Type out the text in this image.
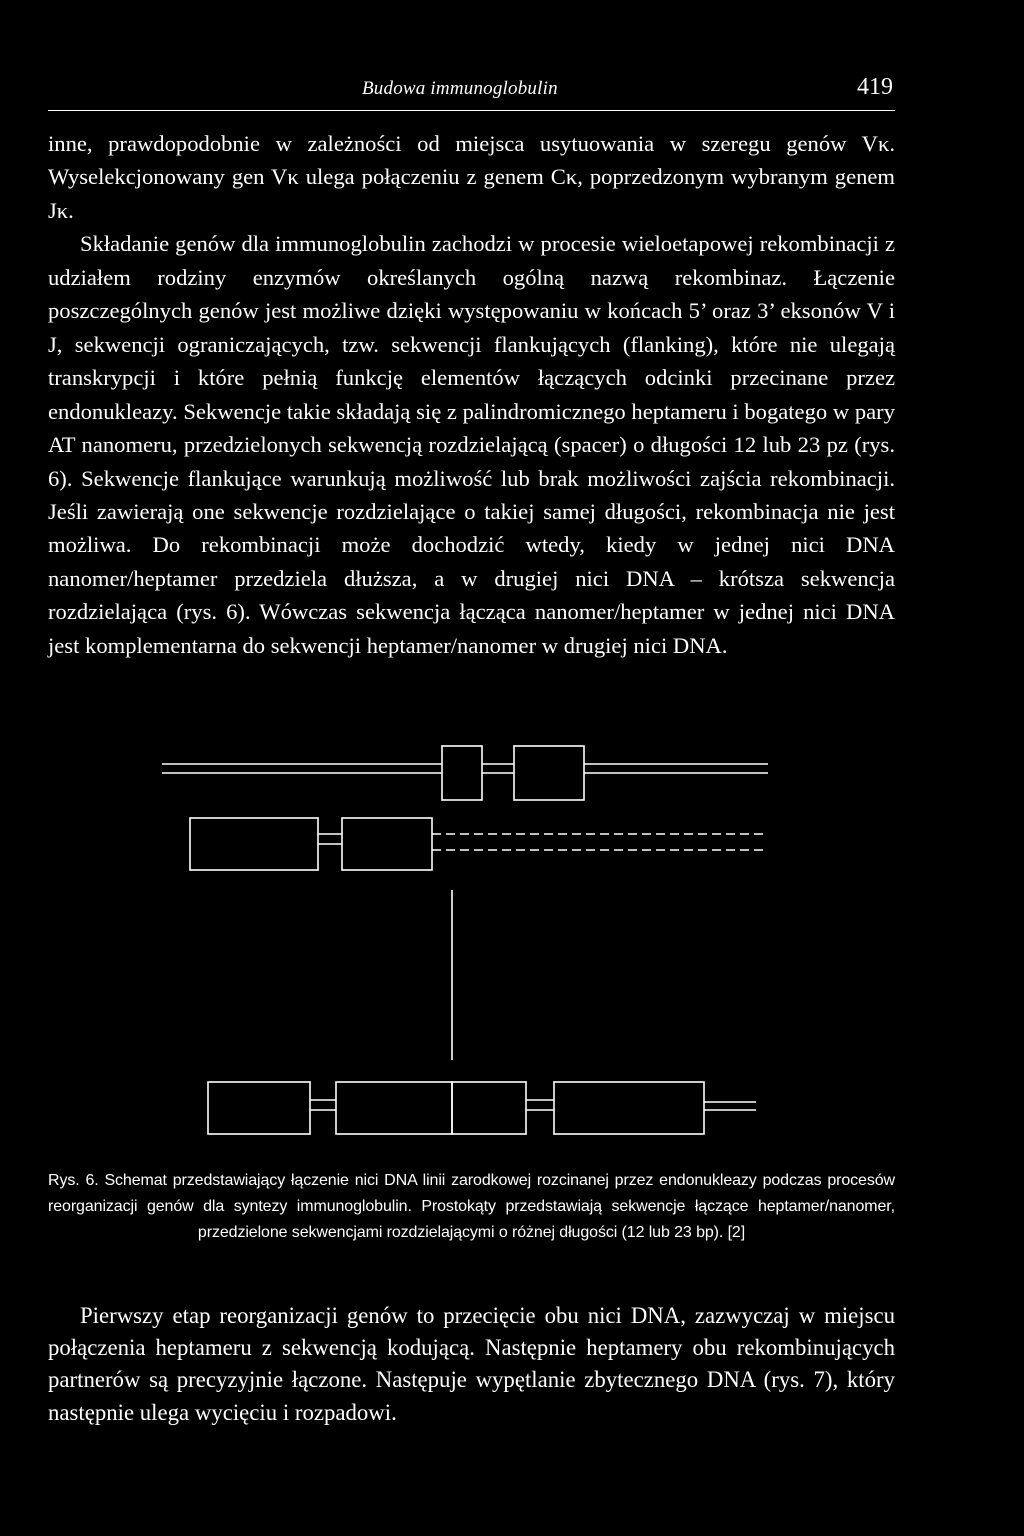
Budowa immunoglobulin	419
inne, prawdopodobnie w zależności od miejsca usytuowania w szeregu genów Vκ. Wyselekcjonowany gen Vκ ulega połączeniu z genem Cκ, poprzedzonym wybranym genem Jκ.
Składanie genów dla immunoglobulin zachodzi w procesie wieloetapowej rekombinacji z udziałem rodziny enzymów określanych ogólną nazwą rekombinaz. Łączenie poszczególnych genów jest możliwe dzięki występowaniu w końcach 5’ oraz 3’ eksonów V i J, sekwencji ograniczających, tzw. sekwencji flankujących (flanking), które nie ulegają transkrypcji i które pełnią funkcję elementów łączących odcinki przecinane przez endonukleazy. Sekwencje takie składają się z palindromicznego heptameru i bogatego w pary AT nanomeru, przedzielonych sekwencją rozdzielającą (spacer) o długości 12 lub 23 pz (rys. 6). Sekwencje flankujące warunkują możliwość lub brak możliwości zajścia rekombinacji. Jeśli zawierają one sekwencje rozdzielające o takiej samej długości, rekombinacja nie jest możliwa. Do rekombinacji może dochodzić wtedy, kiedy w jednej nici DNA nanomer/heptamer przedziela dłuższa, a w drugiej nici DNA – krótsza sekwencja rozdzielająca (rys. 6). Wówczas sekwencja łącząca nanomer/heptamer w jednej nici DNA jest komplementarna do sekwencji heptamer/nanomer w drugiej nici DNA.

Rys. 6. Schemat przedstawiający łączenie nici DNA linii zarodkowej rozcinanej przez endonukleazy podczas procesów reorganizacji genów dla syntezy immunoglobulin. Prostokąty przedstawiają sekwencje łączące heptamer/nanomer, przedzielone sekwencjami rozdzielającymi o różnej długości (12 lub 23 bp). [2]

Pierwszy etap reorganizacji genów to przecięcie obu nici DNA, zazwyczaj w miejscu połączenia heptameru z sekwencją kodującą. Następnie heptamery obu rekombinujących partnerów są precyzyjnie łączone. Następuje wypętlanie zbytecznego DNA (rys. 7), który następnie ulega wycięciu i rozpadowi.
